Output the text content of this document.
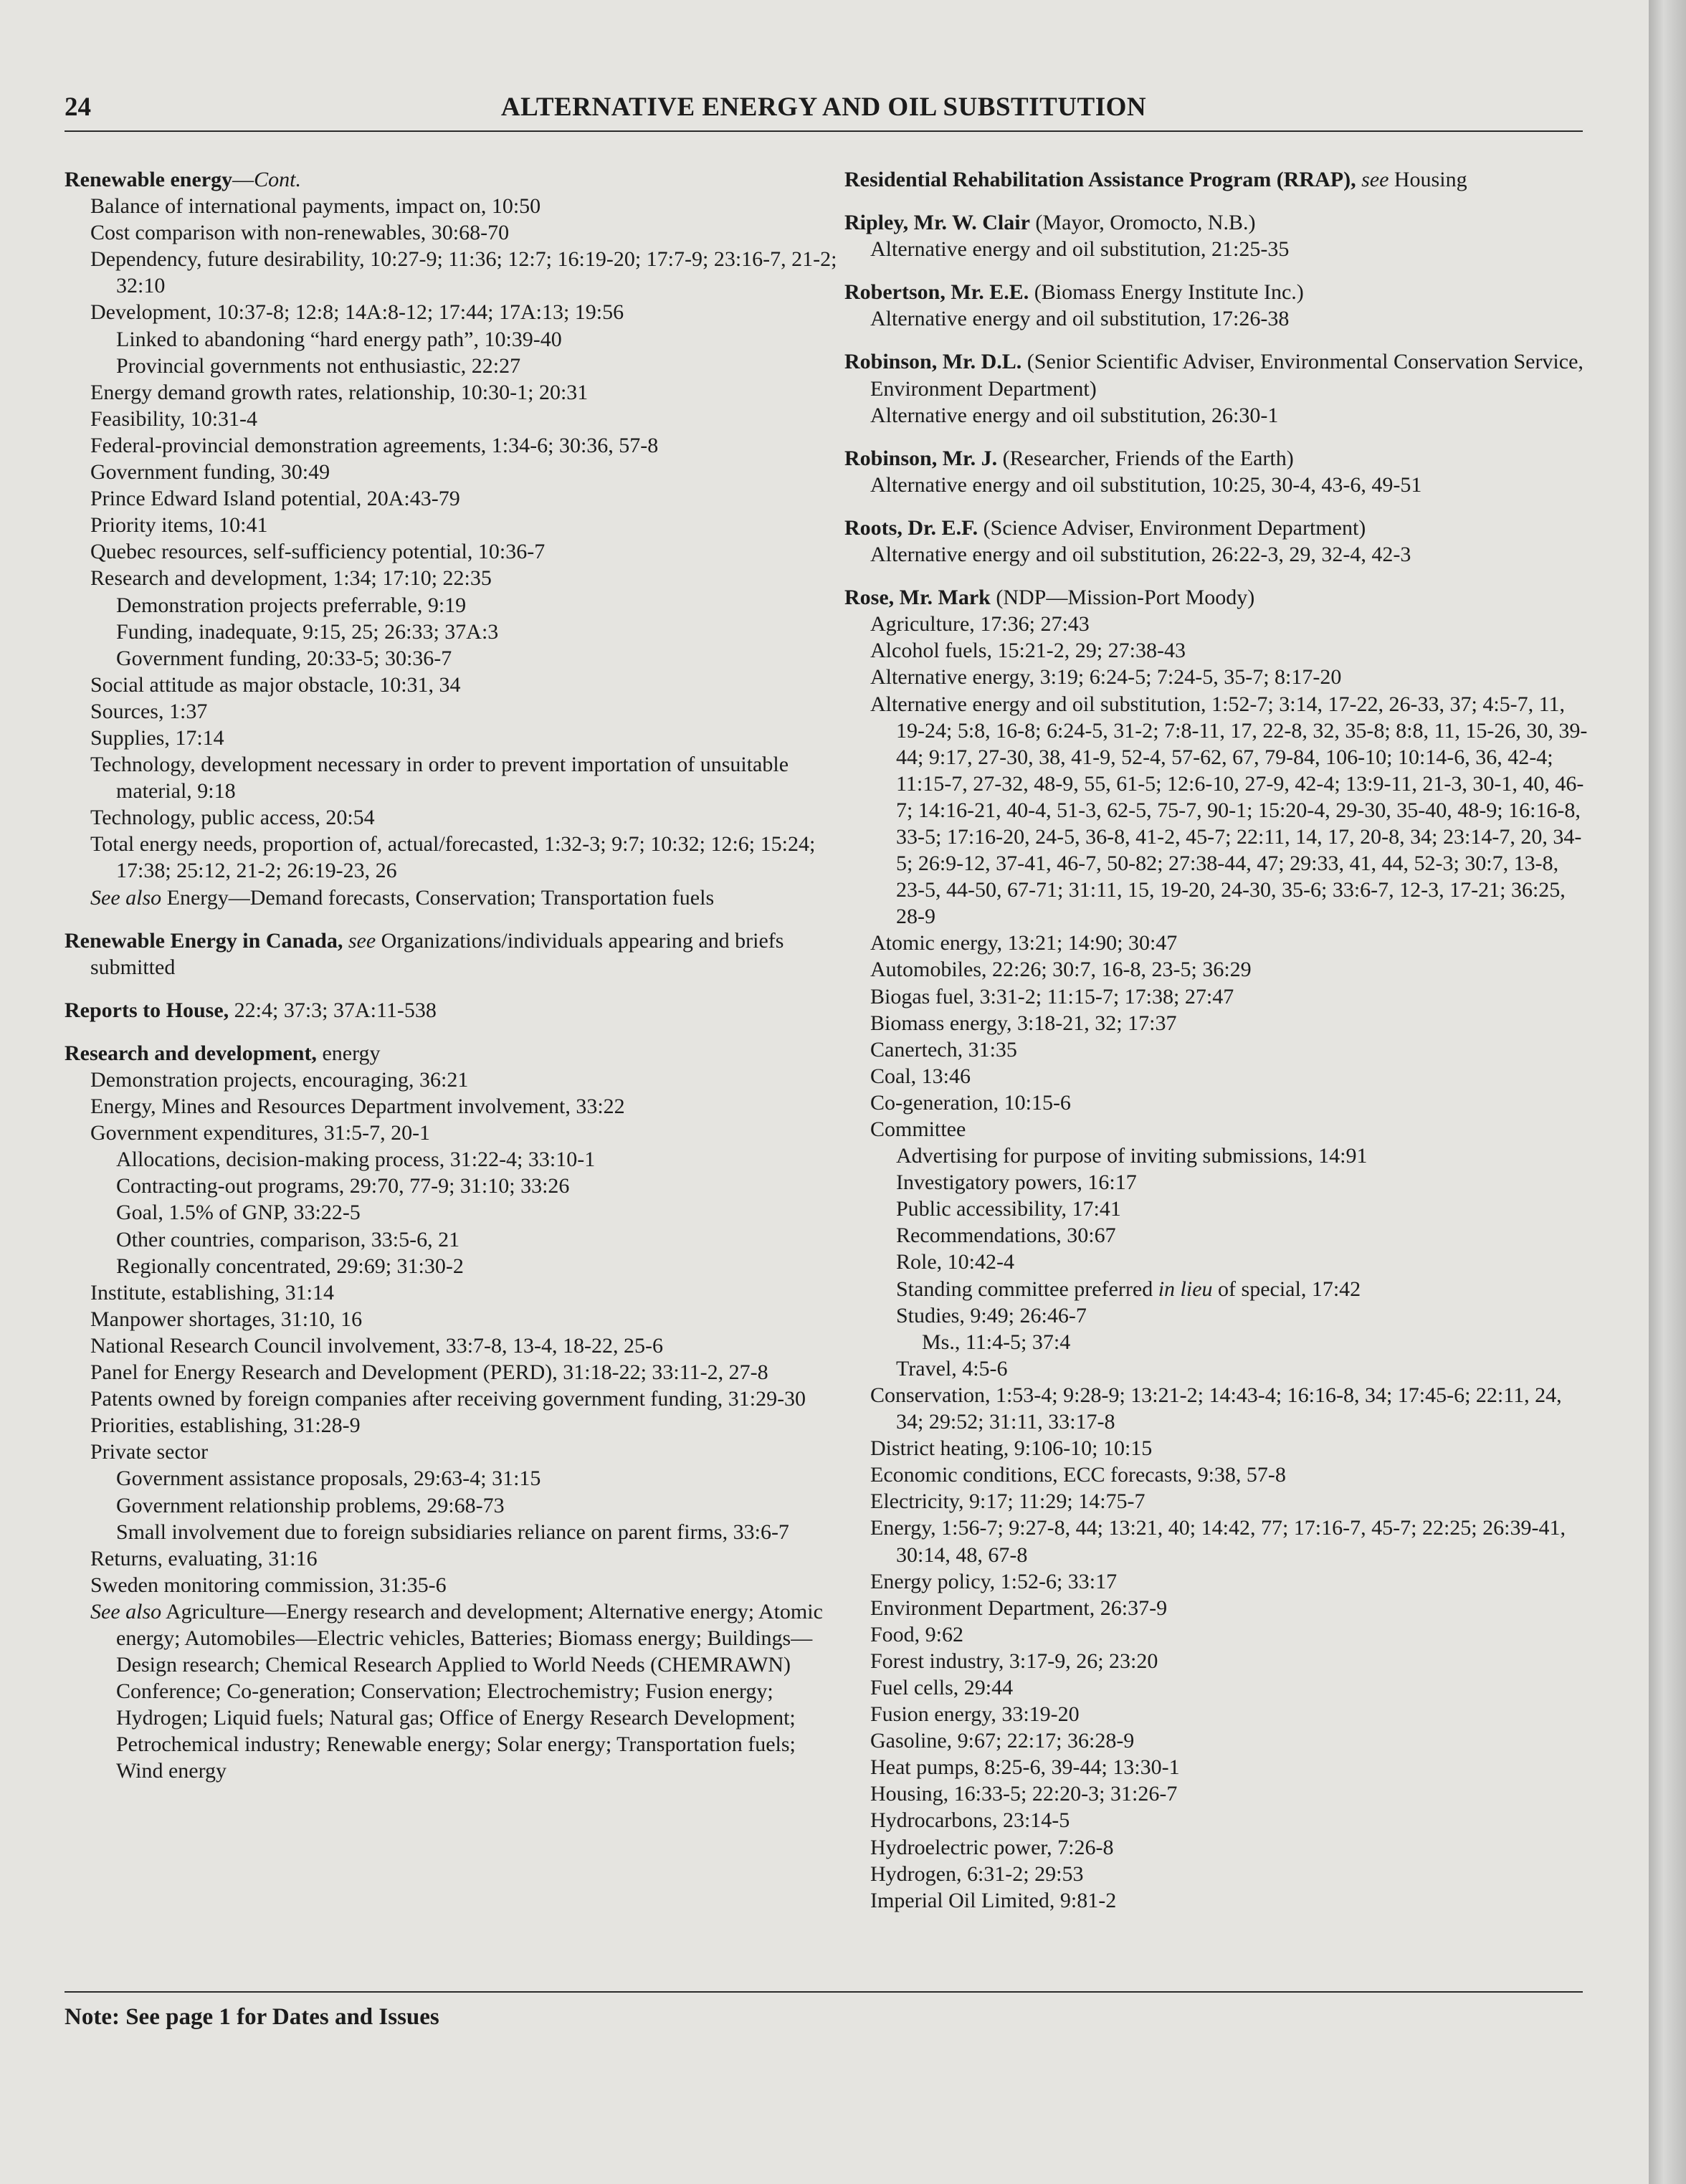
24	ALTERNATIVE ENERGY AND OIL SUBSTITUTION
Renewable energy—Cont.
Balance of international payments, impact on, 10:50
Cost comparison with non-renewables, 30:68-70
Dependency, future desirability, 10:27-9; 11:36; 12:7; 16:19-20; 17:7-9; 23:16-7, 21-2; 32:10
Development, 10:37-8; 12:8; 14A:8-12; 17:44; 17A:13; 19:56
Linked to abandoning “hard energy path”, 10:39-40
Provincial governments not enthusiastic, 22:27
Energy demand growth rates, relationship, 10:30-1; 20:31
Feasibility, 10:31-4
Federal-provincial demonstration agreements, 1:34-6; 30:36, 57-8
Government funding, 30:49
Prince Edward Island potential, 20A:43-79
Priority items, 10:41
Quebec resources, self-sufficiency potential, 10:36-7
Research and development, 1:34; 17:10; 22:35
Demonstration projects preferrable, 9:19
Funding, inadequate, 9:15, 25; 26:33; 37A:3
Government funding, 20:33-5; 30:36-7
Social attitude as major obstacle, 10:31, 34
Sources, 1:37
Supplies, 17:14
Technology, development necessary in order to prevent importation of unsuitable material, 9:18
Technology, public access, 20:54
Total energy needs, proportion of, actual/forecasted, 1:32-3; 9:7; 10:32; 12:6; 15:24; 17:38; 25:12, 21-2; 26:19-23, 26
See also Energy—Demand forecasts, Conservation; Transportation fuels
Renewable Energy in Canada, see Organizations/individuals appearing and briefs submitted
Reports to House, 22:4; 37:3; 37A:11-538
Research and development, energy
Demonstration projects, encouraging, 36:21
Energy, Mines and Resources Department involvement, 33:22
Government expenditures, 31:5-7, 20-1
Allocations, decision-making process, 31:22-4; 33:10-1
Contracting-out programs, 29:70, 77-9; 31:10; 33:26
Goal, 1.5% of GNP, 33:22-5
Other countries, comparison, 33:5-6, 21
Regionally concentrated, 29:69; 31:30-2
Institute, establishing, 31:14
Manpower shortages, 31:10, 16
National Research Council involvement, 33:7-8, 13-4, 18-22, 25-6
Panel for Energy Research and Development (PERD), 31:18-22; 33:11-2, 27-8
Patents owned by foreign companies after receiving government funding, 31:29-30
Priorities, establishing, 31:28-9
Private sector
Government assistance proposals, 29:63-4; 31:15
Government relationship problems, 29:68-73
Small involvement due to foreign subsidiaries reliance on parent firms, 33:6-7
Returns, evaluating, 31:16
Sweden monitoring commission, 31:35-6
See also Agriculture—Energy research and development; Alternative energy; Atomic energy; Automobiles—Electric vehicles, Batteries; Biomass energy; Buildings—Design research; Chemical Research Applied to World Needs (CHEMRAWN) Conference; Co-generation; Conservation; Electrochemistry; Fusion energy; Hydrogen; Liquid fuels; Natural gas; Office of Energy Research Development; Petrochemical industry; Renewable energy; Solar energy; Transportation fuels; Wind energy
Residential Rehabilitation Assistance Program (RRAP), see Housing
Ripley, Mr. W. Clair (Mayor, Oromocto, N.B.)
Alternative energy and oil substitution, 21:25-35
Robertson, Mr. E.E. (Biomass Energy Institute Inc.)
Alternative energy and oil substitution, 17:26-38
Robinson, Mr. D.L. (Senior Scientific Adviser, Environmental Conservation Service, Environment Department)
Alternative energy and oil substitution, 26:30-1
Robinson, Mr. J. (Researcher, Friends of the Earth)
Alternative energy and oil substitution, 10:25, 30-4, 43-6, 49-51
Roots, Dr. E.F. (Science Adviser, Environment Department)
Alternative energy and oil substitution, 26:22-3, 29, 32-4, 42-3
Rose, Mr. Mark (NDP—Mission-Port Moody)
Agriculture, 17:36; 27:43
Alcohol fuels, 15:21-2, 29; 27:38-43
Alternative energy, 3:19; 6:24-5; 7:24-5, 35-7; 8:17-20
Alternative energy and oil substitution, 1:52-7; 3:14, 17-22, 26-33, 37; 4:5-7, 11, 19-24; 5:8, 16-8; 6:24-5, 31-2; 7:8-11, 17, 22-8, 32, 35-8; 8:8, 11, 15-26, 30, 39-44; 9:17, 27-30, 38, 41-9, 52-4, 57-62, 67, 79-84, 106-10; 10:14-6, 36, 42-4; 11:15-7, 27-32, 48-9, 55, 61-5; 12:6-10, 27-9, 42-4; 13:9-11, 21-3, 30-1, 40, 46-7; 14:16-21, 40-4, 51-3, 62-5, 75-7, 90-1; 15:20-4, 29-30, 35-40, 48-9; 16:16-8, 33-5; 17:16-20, 24-5, 36-8, 41-2, 45-7; 22:11, 14, 17, 20-8, 34; 23:14-7, 20, 34-5; 26:9-12, 37-41, 46-7, 50-82; 27:38-44, 47; 29:33, 41, 44, 52-3; 30:7, 13-8, 23-5, 44-50, 67-71; 31:11, 15, 19-20, 24-30, 35-6; 33:6-7, 12-3, 17-21; 36:25, 28-9
Atomic energy, 13:21; 14:90; 30:47
Automobiles, 22:26; 30:7, 16-8, 23-5; 36:29
Biogas fuel, 3:31-2; 11:15-7; 17:38; 27:47
Biomass energy, 3:18-21, 32; 17:37
Canertech, 31:35
Coal, 13:46
Co-generation, 10:15-6
Committee
Advertising for purpose of inviting submissions, 14:91
Investigatory powers, 16:17
Public accessibility, 17:41
Recommendations, 30:67
Role, 10:42-4
Standing committee preferred in lieu of special, 17:42
Studies, 9:49; 26:46-7
Ms., 11:4-5; 37:4
Travel, 4:5-6
Conservation, 1:53-4; 9:28-9; 13:21-2; 14:43-4; 16:16-8, 34; 17:45-6; 22:11, 24, 34; 29:52; 31:11, 33:17-8
District heating, 9:106-10; 10:15
Economic conditions, ECC forecasts, 9:38, 57-8
Electricity, 9:17; 11:29; 14:75-7
Energy, 1:56-7; 9:27-8, 44; 13:21, 40; 14:42, 77; 17:16-7, 45-7; 22:25; 26:39-41, 30:14, 48, 67-8
Energy policy, 1:52-6; 33:17
Environment Department, 26:37-9
Food, 9:62
Forest industry, 3:17-9, 26; 23:20
Fuel cells, 29:44
Fusion energy, 33:19-20
Gasoline, 9:67; 22:17; 36:28-9
Heat pumps, 8:25-6, 39-44; 13:30-1
Housing, 16:33-5; 22:20-3; 31:26-7
Hydrocarbons, 23:14-5
Hydroelectric power, 7:26-8
Hydrogen, 6:31-2; 29:53
Imperial Oil Limited, 9:81-2
Note: See page 1 for Dates and Issues
